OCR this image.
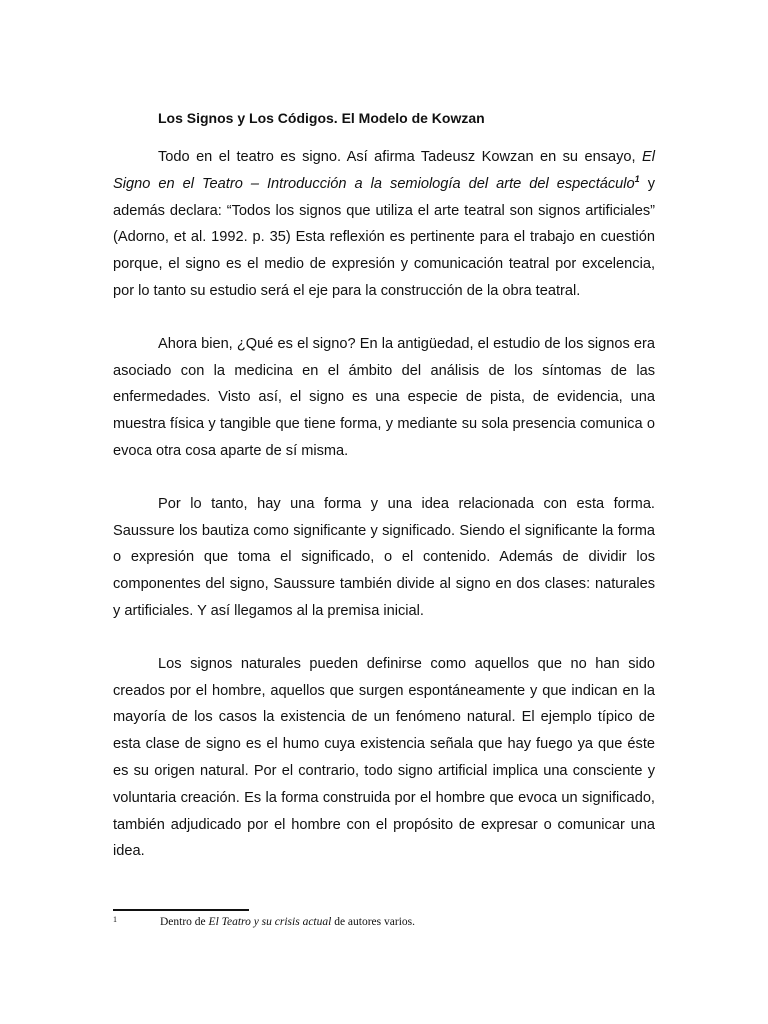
Los Signos y Los Códigos. El Modelo de Kowzan

Todo en el teatro es signo. Así afirma Tadeusz Kowzan en su ensayo, El Signo en el Teatro – Introducción a la semiología del arte del espectáculo$^1$ y además declara: “Todos los signos que utiliza el arte teatral son signos artificiales” (Adorno, et al. 1992. p. 35) Esta reflexión es pertinente para el trabajo en cuestión porque, el signo es el medio de expresión y comunicación teatral por excelencia, por lo tanto su estudio será el eje para la construcción de la obra teatral.

Ahora bien, ¿Qué es el signo? En la antigüedad, el estudio de los signos era asociado con la medicina en el ámbito del análisis de los síntomas de las enfermedades. Visto así, el signo es una especie de pista, de evidencia, una muestra física y tangible que tiene forma, y mediante su sola presencia comunica o evoca otra cosa aparte de sí misma.

Por lo tanto, hay una forma y una idea relacionada con esta forma. Saussure los bautiza como significante y significado. Siendo el significante la forma o expresión que toma el significado, o el contenido. Además de dividir los componentes del signo, Saussure también divide al signo en dos clases: naturales y artificiales. Y así llegamos al la premisa inicial.

Los signos naturales pueden definirse como aquellos que no han sido creados por el hombre, aquellos que surgen espontáneamente y que indican en la mayoría de los casos la existencia de un fenómeno natural. El ejemplo típico de esta clase de signo es el humo cuya existencia señala que hay fuego ya que éste es su origen natural. Por el contrario, todo signo artificial implica una consciente y voluntaria creación. Es la forma construida por el hombre que evoca un significado, también adjudicado por el hombre con el propósito de expresar o comunicar una idea.

1	Dentro de El Teatro y su crisis actual de autores varios.
